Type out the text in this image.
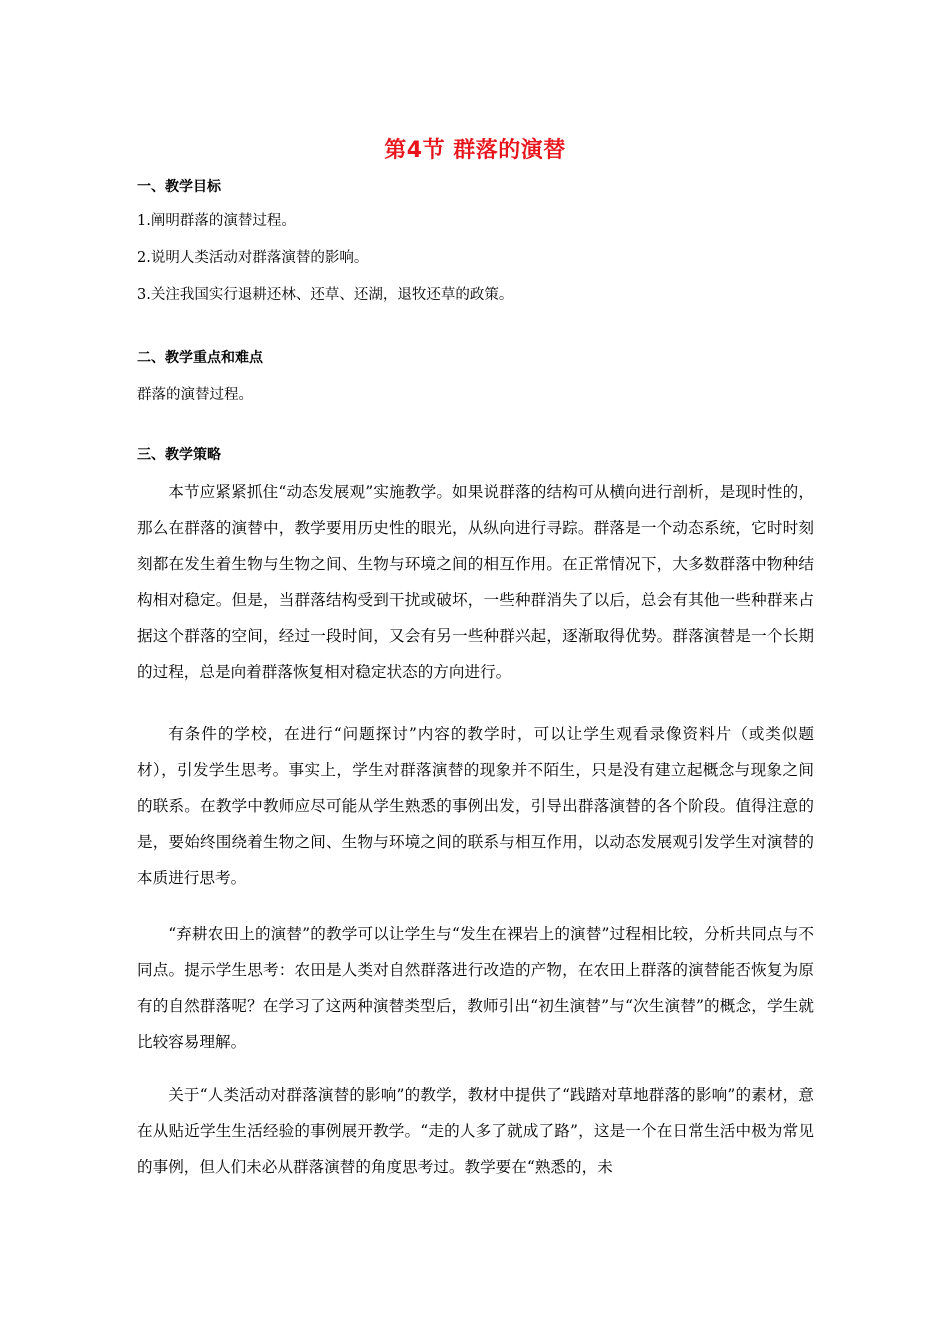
第4节 群落的演替
一、教学目标
1.阐明群落的演替过程。
2.说明人类活动对群落演替的影响。
3.关注我国实行退耕还林、还草、还湖，退牧还草的政策。
二、教学重点和难点
群落的演替过程。
三、教学策略
本节应紧紧抓住“动态发展观”实施教学。如果说群落的结构可从横向进行剖析，是现时性的，那么在群落的演替中，教学要用历史性的眼光，从纵向进行寻踪。群落是一个动态系统，它时时刻刻都在发生着生物与生物之间、生物与环境之间的相互作用。在正常情况下，大多数群落中物种结构相对稳定。但是，当群落结构受到干扰或破坏，一些种群消失了以后，总会有其他一些种群来占据这个群落的空间，经过一段时间，又会有另一些种群兴起，逐渐取得优势。群落演替是一个长期的过程，总是向着群落恢复相对稳定状态的方向进行。
有条件的学校，在进行“问题探讨”内容的教学时，可以让学生观看录像资料片（或类似题材），引发学生思考。事实上，学生对群落演替的现象并不陌生，只是没有建立起概念与现象之间的联系。在教学中教师应尽可能从学生熟悉的事例出发，引导出群落演替的各个阶段。值得注意的是，要始终围绕着生物之间、生物与环境之间的联系与相互作用，以动态发展观引发学生对演替的本质进行思考。
“弃耕农田上的演替”的教学可以让学生与“发生在裸岩上的演替”过程相比较，分析共同点与不同点。提示学生思考：农田是人类对自然群落进行改造的产物，在农田上群落的演替能否恢复为原有的自然群落呢？在学习了这两种演替类型后，教师引出“初生演替”与“次生演替”的概念，学生就比较容易理解。
关于“人类活动对群落演替的影响”的教学，教材中提供了“践踏对草地群落的影响”的素材，意在从贴近学生生活经验的事例展开教学。“走的人多了就成了路”，这是一个在日常生活中极为常见的事例，但人们未必从群落演替的角度思考过。教学要在“熟悉的，未
